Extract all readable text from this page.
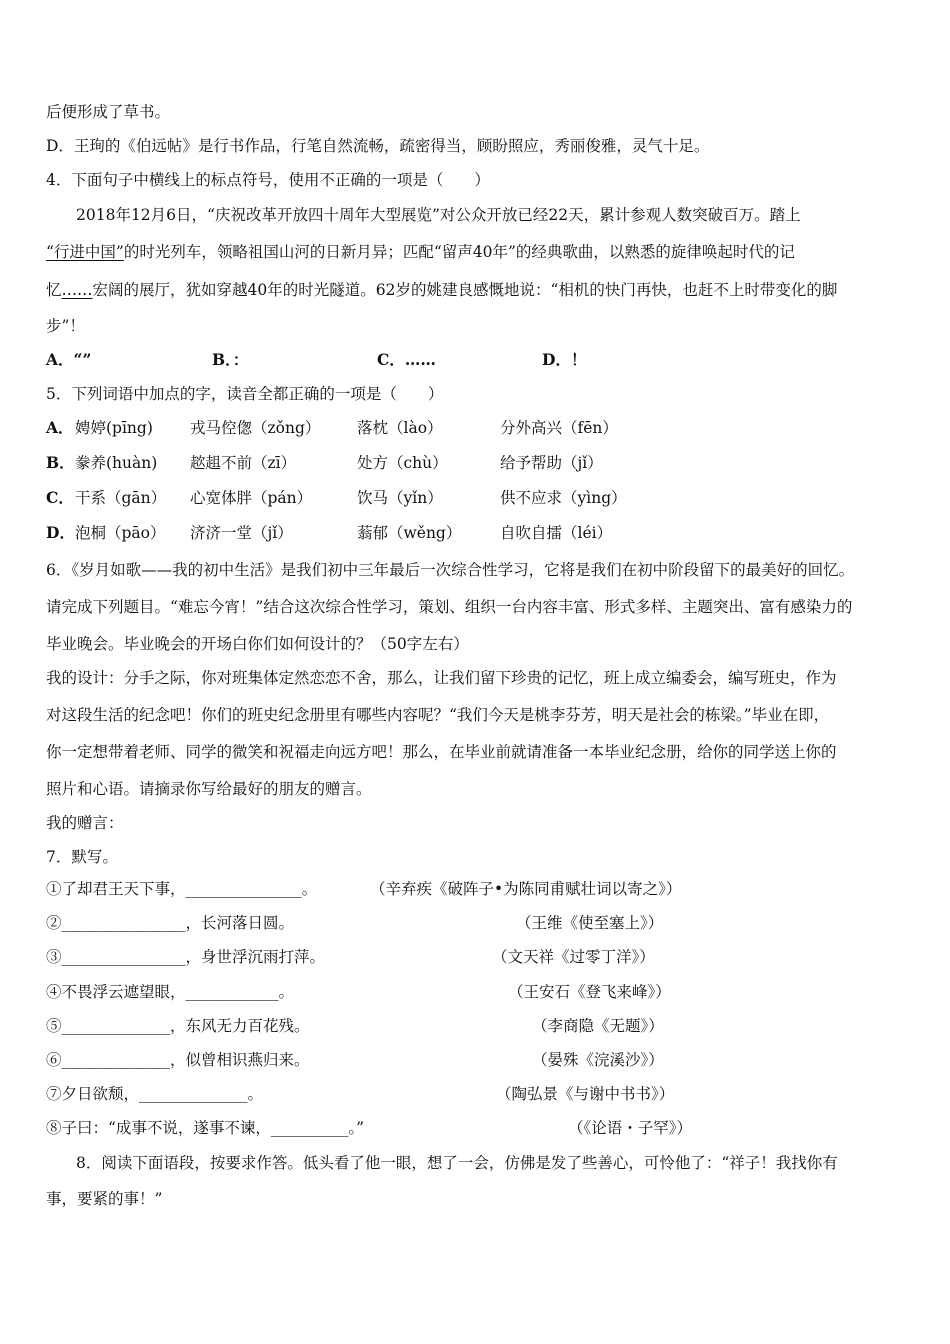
后便形成了草书。
D．王珣的《伯远帖》是行书作品，行笔自然流畅，疏密得当，顾盼照应，秀丽俊雅，灵气十足。
4．下面句子中横线上的标点符号，使用不正确的一项是（　　）
2018年12月6日，“庆祝改革开放四十周年大型展览”对公众开放已经22天，累计参观人数突破百万。踏上
“行进中国”的时光列车，领略祖国山河的日新月异；匹配“留声40年”的经典歌曲，以熟悉的旋律唤起时代的记
忆……宏阔的展厅，犹如穿越40年的时光隧道。62岁的姚建良感慨地说：“相机的快门再快，也赶不上时带变化的脚
步”！
A．“”	B．：	C．……	D．！
5．下列词语中加点的字，读音全都正确的一项是（　　）
A． 娉婷(pīng) 戎马倥偬（zǒng） 落枕（lào）	分外高兴（fēn）
B． 豢养(huàn) 趑趄不前（zī）	处方（chù）	给予帮助（jǐ）
C． 干系（gān） 心宽体胖（pán）	饮马（yǐn）	供不应求（yìng）
D． 泡桐（pāo） 济济一堂（jǐ）	蓊郁（wěng） 自吹自擂（léi）
6．《岁月如歌——我的初中生活》是我们初中三年最后一次综合性学习，它将是我们在初中阶段留下的最美好的回忆。
请完成下列题目。“难忘今宵！”结合这次综合性学习，策划、组织一台内容丰富、形式多样、主题突出、富有感染力的
毕业晚会。毕业晚会的开场白你们如何设计的？（50字左右）
我的设计：分手之际，你对班集体定然恋恋不舍，那么，让我们留下珍贵的记忆，班上成立编委会，编写班史，作为
对这段生活的纪念吧！你们的班史纪念册里有哪些内容呢？“我们今天是桃李芬芳，明天是社会的栋梁。”毕业在即，
你一定想带着老师、同学的微笑和祝福走向远方吧！那么，在毕业前就请准备一本毕业纪念册，给你的同学送上你的
照片和心语。请摘录你写给最好的朋友的赠言。
我的赠言：
7．默写。
①了却君王天下事，_______________。	（辛弃疾《破阵子•为陈同甫赋壮词以寄之》）
②________________，长河落日圆。	（王维《使至塞上》）
③________________，身世浮沉雨打萍。	（文天祥《过零丁洋》）
④不畏浮云遮望眼，____________。	（王安石《登飞来峰》）
⑤______________，东风无力百花残。	（李商隐《无题》）
⑥______________，似曾相识燕归来。	（晏殊《浣溪沙》）
⑦夕日欲颓，______________。	（陶弘景《与谢中书书》）
⑧子曰：“成事不说，遂事不谏，__________。”	（《论语・子罕》）
8．阅读下面语段，按要求作答。低头看了他一眼，想了一会，仿佛是发了些善心，可怜他了：“祥子！我找你有
事，要紧的事！”
